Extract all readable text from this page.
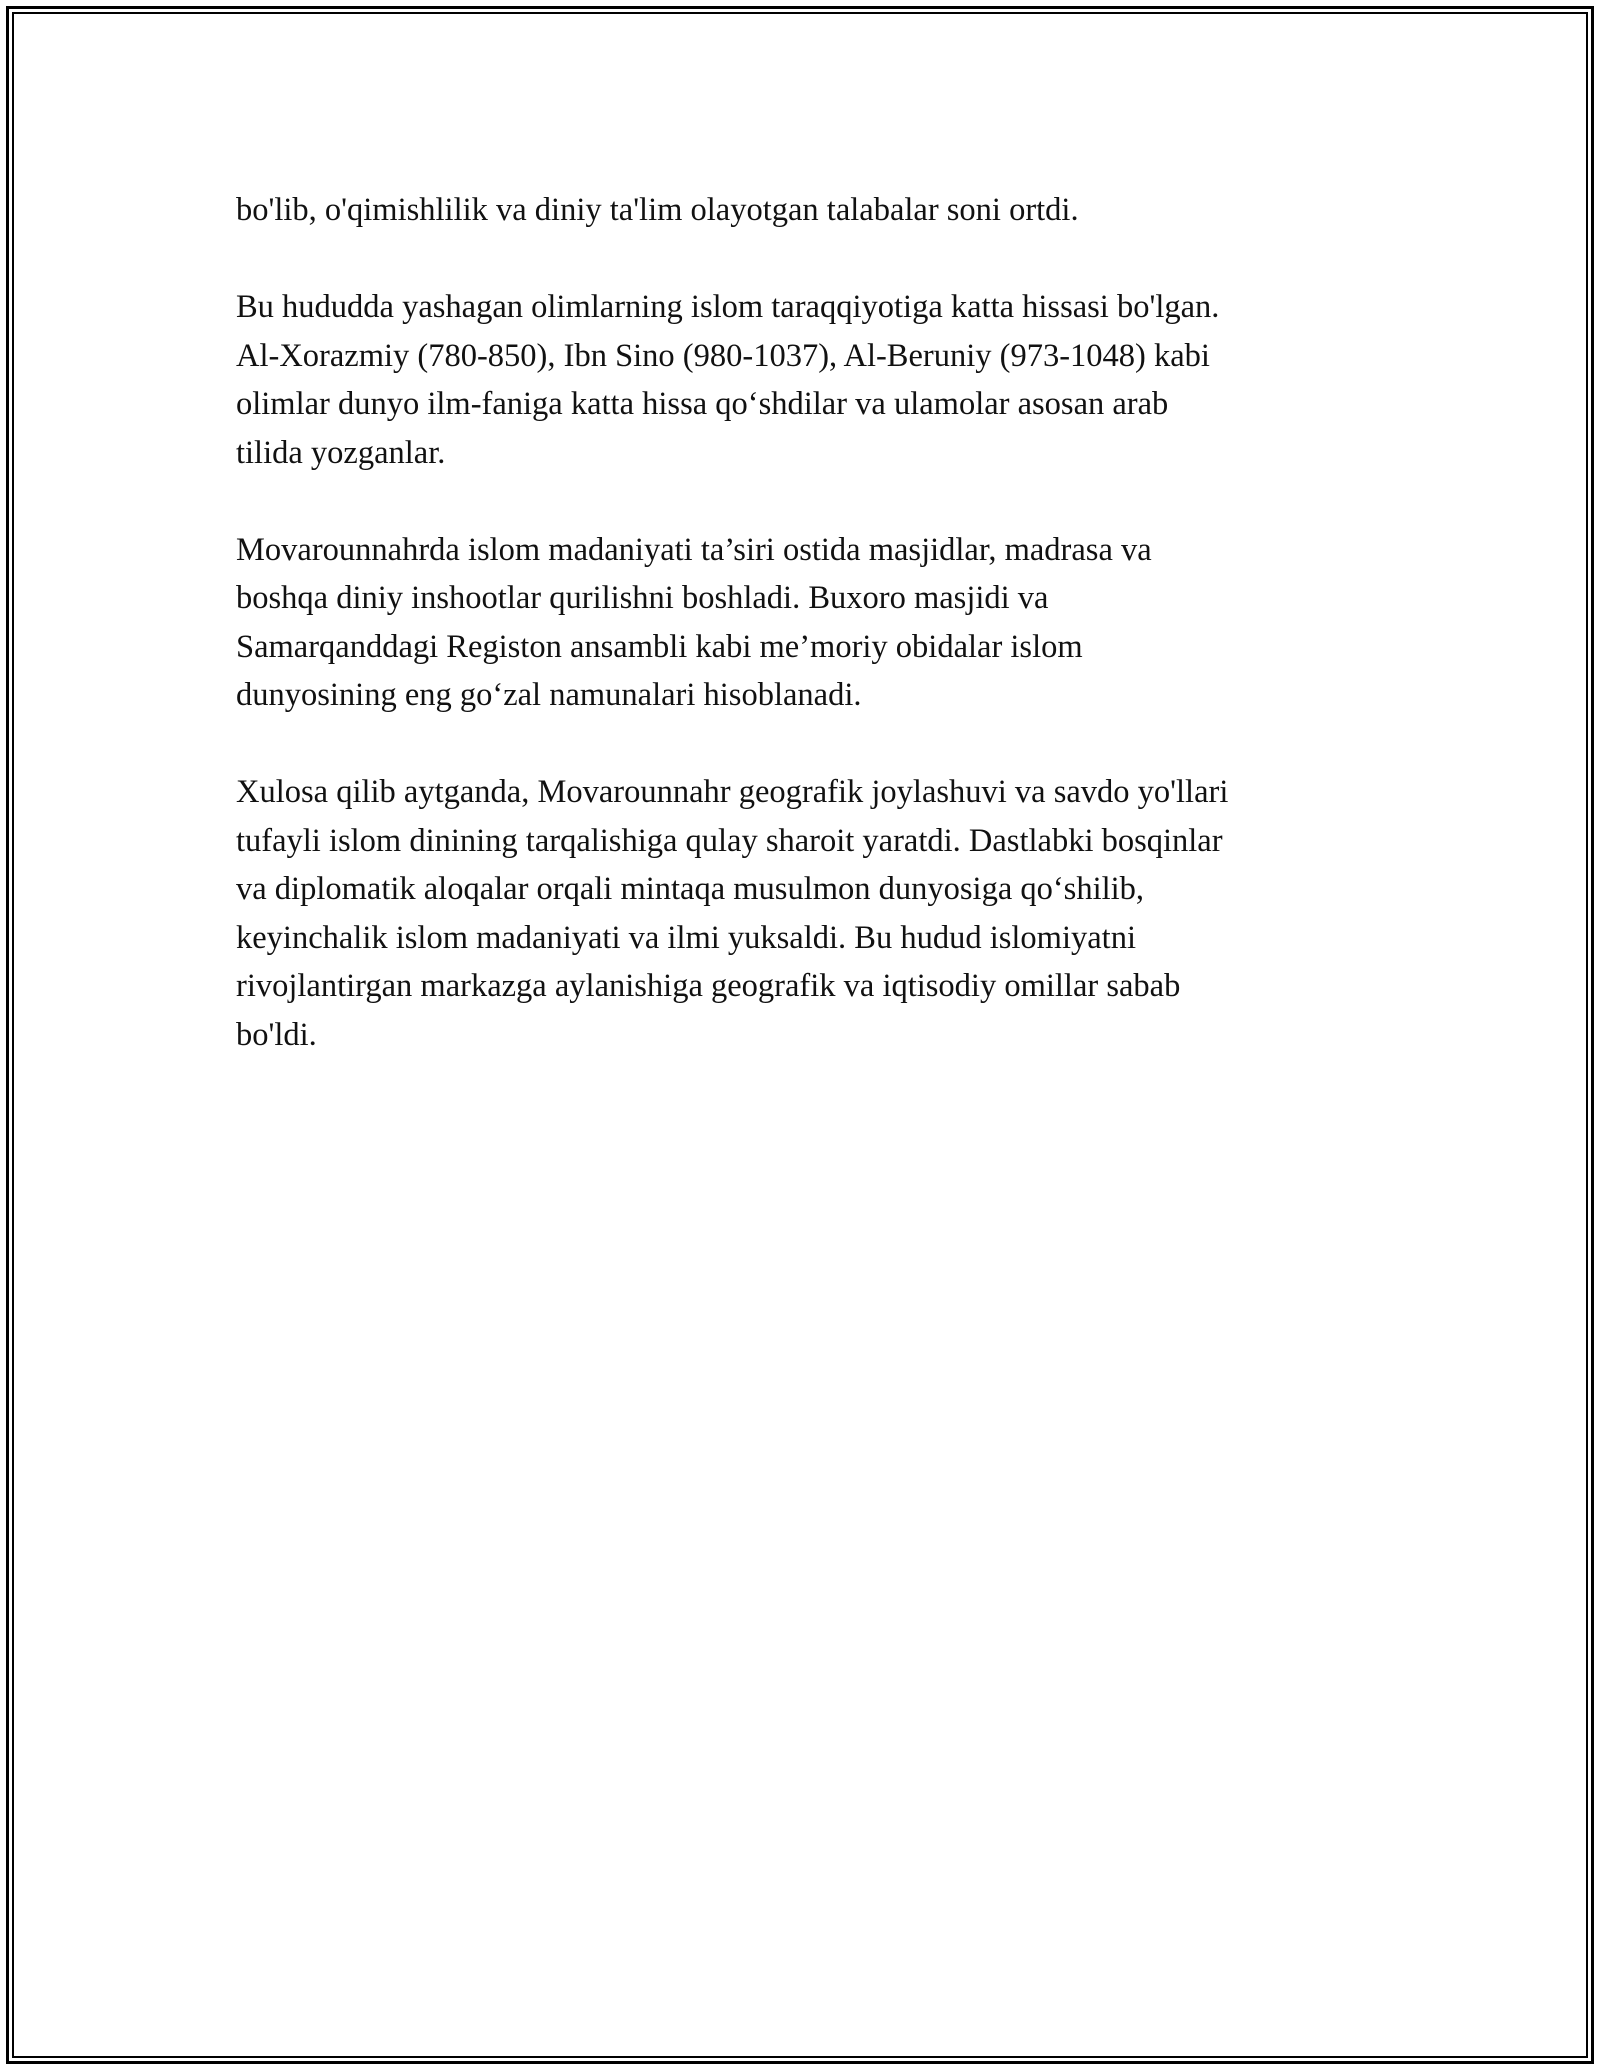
bo'lib, o'qimishlilik va diniy ta'lim olayotgan talabalar soni ortdi.

Bu hududda yashagan olimlarning islom taraqqiyotiga katta hissasi bo'lgan.
Al-Xorazmiy (780-850), Ibn Sino (980-1037), Al-Beruniy (973-1048) kabi
olimlar dunyo ilm-faniga katta hissa qo‘shdilar va ulamolar asosan arab
tilida yozganlar.

Movarounnahrda islom madaniyati ta’siri ostida masjidlar, madrasa va
boshqa diniy inshootlar qurilishni boshladi. Buxoro masjidi va
Samarqanddagi Registon ansambli kabi me’moriy obidalar islom
dunyosining eng go‘zal namunalari hisoblanadi.

Xulosa qilib aytganda, Movarounnahr geografik joylashuvi va savdo yo'llari
tufayli islom dinining tarqalishiga qulay sharoit yaratdi. Dastlabki bosqinlar
va diplomatik aloqalar orqali mintaqa musulmon dunyosiga qo‘shilib,
keyinchalik islom madaniyati va ilmi yuksaldi. Bu hudud islomiyatni
rivojlantirgan markazga aylanishiga geografik va iqtisodiy omillar sabab
bo'ldi.
